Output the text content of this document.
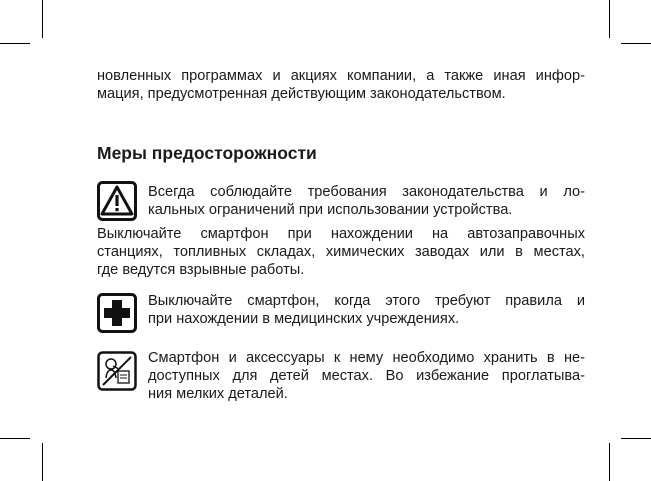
новленных программах и акциях компании, а также иная инфор-
мация, предусмотренная действующим законодательством.
Меры предосторожности
Всегда соблюдайте требования законодательства и ло-
кальных ограничений при использовании устройства.
Выключайте смартфон при нахождении на автозаправочных
станциях, топливных складах, химических заводах или в местах,
где ведутся взрывные работы.
Выключайте смартфон, когда этого требуют правила и
при нахождении в медицинских учреждениях.
Смартфон и аксессуары к нему необходимо хранить в не-
доступных для детей местах. Во избежание проглатыва-
ния мелких деталей.
